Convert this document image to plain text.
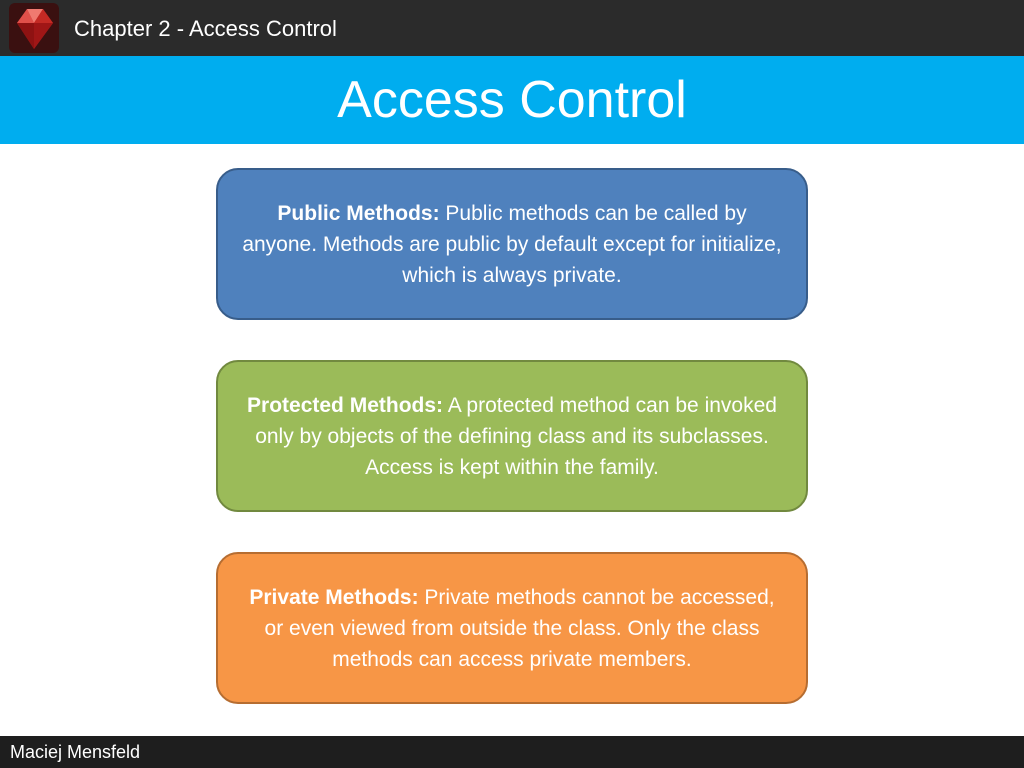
Chapter 2 - Access Control
Access Control
Public Methods: Public methods can be called by anyone. Methods are public by default except for initialize, which is always private.
Protected Methods: A protected method can be invoked only by objects of the defining class and its subclasses. Access is kept within the family.
Private Methods: Private methods cannot be accessed, or even viewed from outside the class. Only the class methods can access private members.
Maciej Mensfeld
